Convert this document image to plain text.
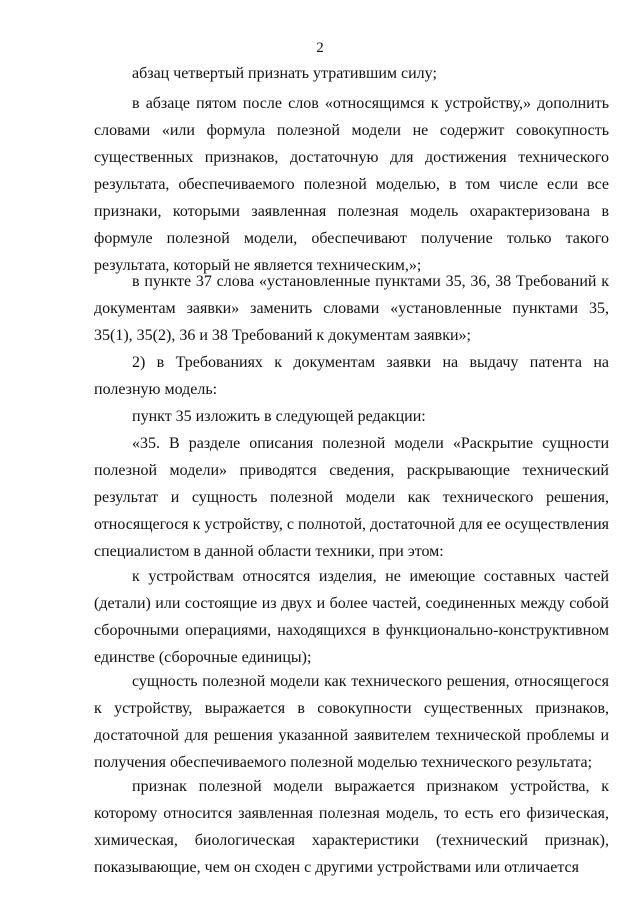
2

абзац четвертый признать утратившим силу;

в абзаце пятом после слов «относящимся к устройству,» дополнить словами «или формула полезной модели не содержит совокупность существенных признаков, достаточную для достижения технического результата, обеспечиваемого полезной моделью, в том числе если все признаки, которыми заявленная полезная модель охарактеризована в формуле полезной модели, обеспечивают получение только такого результата, который не является техническим,»;

в пункте 37 слова «установленные пунктами 35, 36, 38 Требований к документам заявки» заменить словами «установленные пунктами 35, 35(1), 35(2), 36 и 38 Требований к документам заявки»;

2) в Требованиях к документам заявки на выдачу патента на полезную модель:

пункт 35 изложить в следующей редакции:

«35. В разделе описания полезной модели «Раскрытие сущности полезной модели» приводятся сведения, раскрывающие технический результат и сущность полезной модели как технического решения, относящегося к устройству, с полнотой, достаточной для ее осуществления специалистом в данной области техники, при этом:

к устройствам относятся изделия, не имеющие составных частей (детали) или состоящие из двух и более частей, соединенных между собой сборочными операциями, находящихся в функционально-конструктивном единстве (сборочные единицы);

сущность полезной модели как технического решения, относящегося к устройству, выражается в совокупности существенных признаков, достаточной для решения указанной заявителем технической проблемы и получения обеспечиваемого полезной моделью технического результата;

признак полезной модели выражается признаком устройства, к которому относится заявленная полезная модель, то есть его физическая, химическая, биологическая характеристики (технический признак), показывающие, чем он сходен с другими устройствами или отличается
